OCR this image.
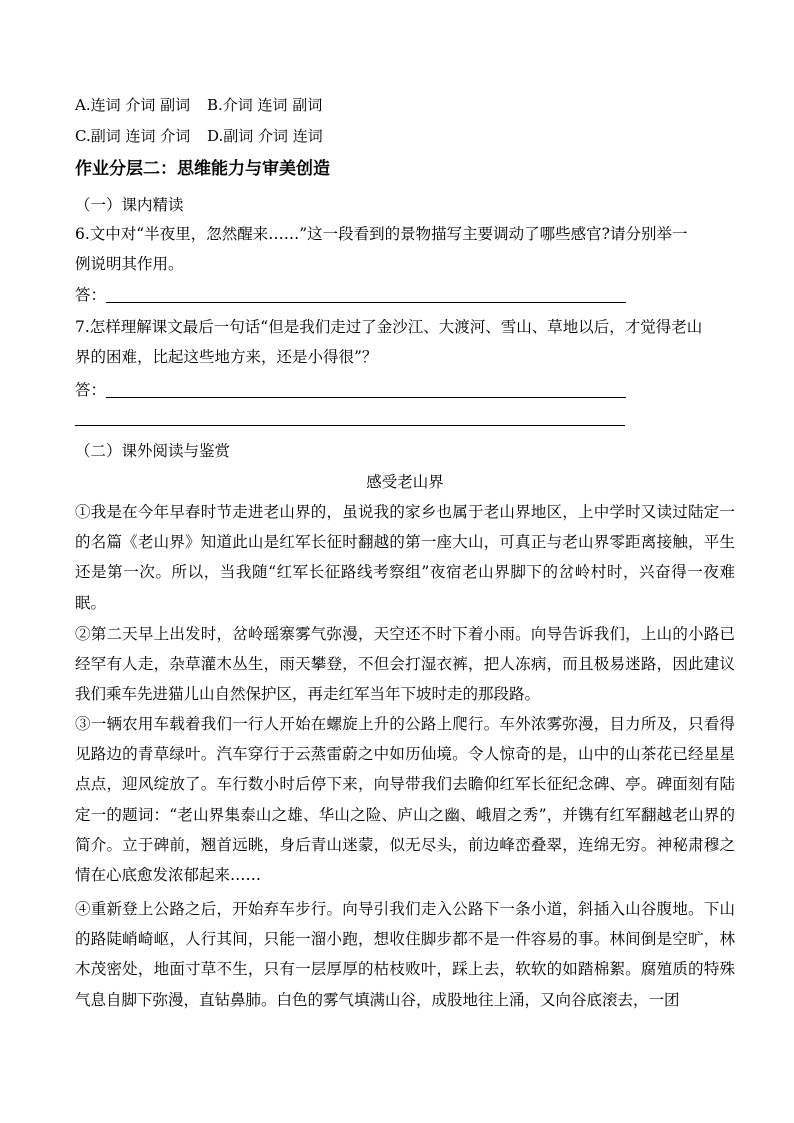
A.连词 介词 副词 B.介词 连词 副词
C.副词 连词 介词 D.副词 介词 连词
作业分层二：思维能力与审美创造
（一）课内精读
6.文中对“半夜里，忽然醒来……”这一段看到的景物描写主要调动了哪些感官?请分别举一
例说明其作用。
答：
7.怎样理解课文最后一句话“但是我们走过了金沙江、大渡河、雪山、草地以后，才觉得老山
界的困难，比起这些地方来，还是小得很”？
答：
（二）课外阅读与鉴赏
感受老山界
①我是在今年早春时节走进老山界的，虽说我的家乡也属于老山界地区，上中学时又读过陆定一的名篇《老山界》知道此山是红军长征时翻越的第一座大山，可真正与老山界零距离接触，平生还是第一次。所以，当我随“红军长征路线考察组”夜宿老山界脚下的岔岭村时，兴奋得一夜难眠。
②第二天早上出发时，岔岭瑶寨雾气弥漫，天空还不时下着小雨。向导告诉我们，上山的小路已经罕有人走，杂草灌木丛生，雨天攀登，不但会打湿衣裤，把人冻病，而且极易迷路，因此建议我们乘车先进猫儿山自然保护区，再走红军当年下坡时走的那段路。
③一辆农用车载着我们一行人开始在螺旋上升的公路上爬行。车外浓雾弥漫，目力所及，只看得见路边的青草绿叶。汽车穿行于云蒸雷蔚之中如历仙境。令人惊奇的是，山中的山茶花已经星星点点，迎风绽放了。车行数小时后停下来，向导带我们去瞻仰红军长征纪念碑、亭。碑面刻有陆定一的题词：“老山界集泰山之雄、华山之险、庐山之幽、峨眉之秀”，并镌有红军翻越老山界的简介。立于碑前，翘首远眺，身后青山迷蒙，似无尽头，前边峰峦叠翠，连绵无穷。神秘肃穆之情在心底愈发浓郁起来……
④重新登上公路之后，开始弃车步行。向导引我们走入公路下一条小道，斜插入山谷腹地。下山的路陡峭崎岖，人行其间，只能一溜小跑，想收住脚步都不是一件容易的事。林间倒是空旷，林木茂密处，地面寸草不生，只有一层厚厚的枯枝败叶，踩上去，软软的如踏棉絮。腐殖质的特殊气息自脚下弥漫，直钻鼻肺。白色的雾气填满山谷，成股地往上涌，又向谷底滚去，一团
